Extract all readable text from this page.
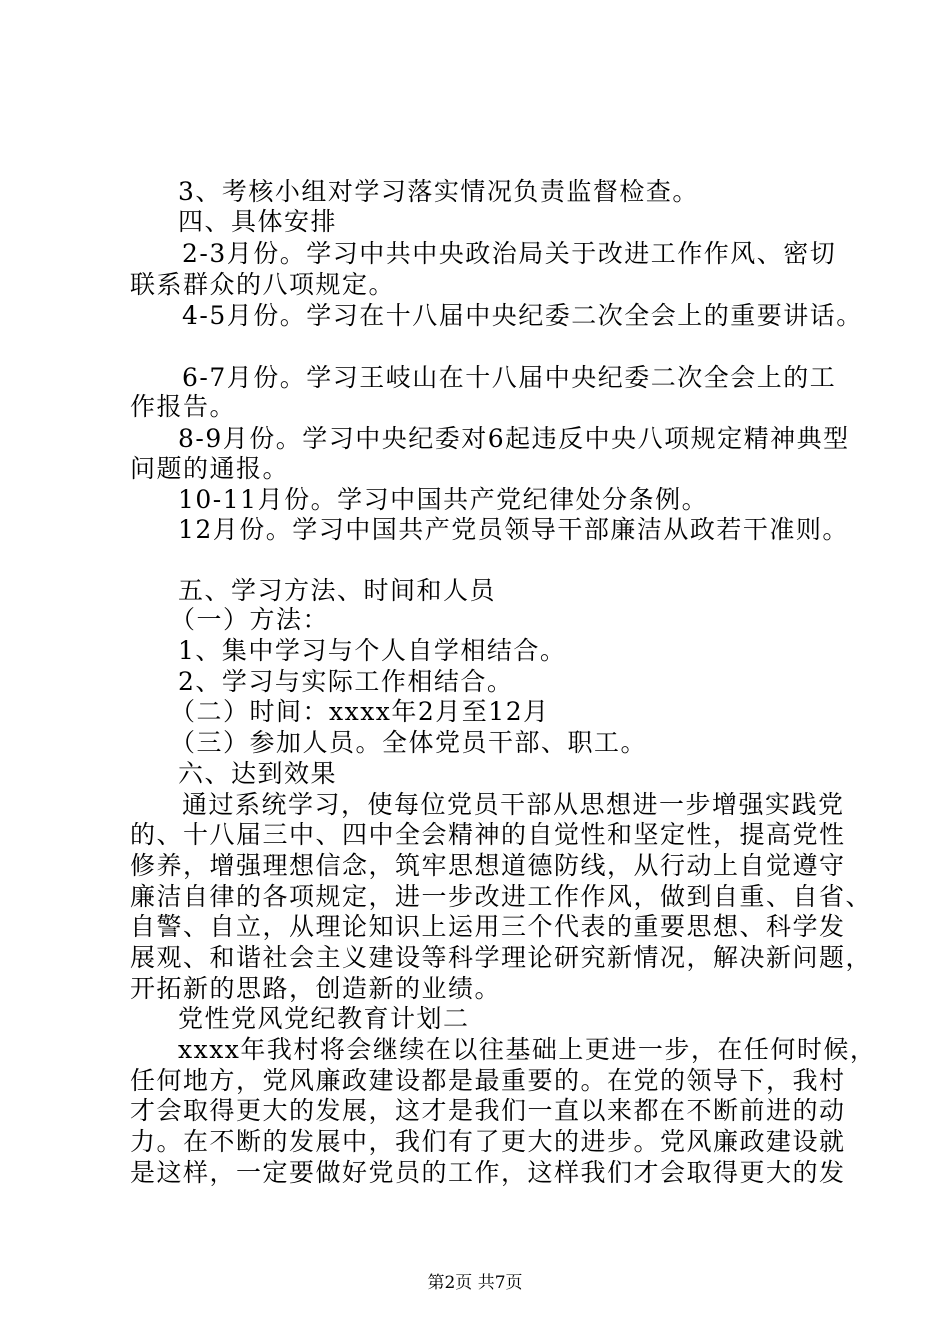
3、考核小组对学习落实情况负责监督检查。
四、具体安排
2-3月份。学习中共中央政治局关于改进工作作风、密切
联系群众的八项规定。
4-5月份。学习在十八届中央纪委二次全会上的重要讲话。
6-7月份。学习王岐山在十八届中央纪委二次全会上的工
作报告。
8-9月份。学习中央纪委对6起违反中央八项规定精神典型
问题的通报。
10-11月份。学习中国共产党纪律处分条例。
12月份。学习中国共产党员领导干部廉洁从政若干准则。
五、学习方法、时间和人员
（一）方法：
1、集中学习与个人自学相结合。
2、学习与实际工作相结合。
（二）时间：xxxx年2月至12月
（三）参加人员。全体党员干部、职工。
六、达到效果
通过系统学习，使每位党员干部从思想进一步增强实践党
的、十八届三中、四中全会精神的自觉性和坚定性，提高党性
修养，增强理想信念，筑牢思想道德防线，从行动上自觉遵守
廉洁自律的各项规定，进一步改进工作作风，做到自重、自省、
自警、自立，从理论知识上运用三个代表的重要思想、科学发
展观、和谐社会主义建设等科学理论研究新情况，解决新问题，
开拓新的思路，创造新的业绩。
党性党风党纪教育计划二
xxxx年我村将会继续在以往基础上更进一步，在任何时候，
任何地方，党风廉政建设都是最重要的。在党的领导下，我村
才会取得更大的发展，这才是我们一直以来都在不断前进的动
力。在不断的发展中，我们有了更大的进步。党风廉政建设就
是这样，一定要做好党员的工作，这样我们才会取得更大的发
第2页 共7页
